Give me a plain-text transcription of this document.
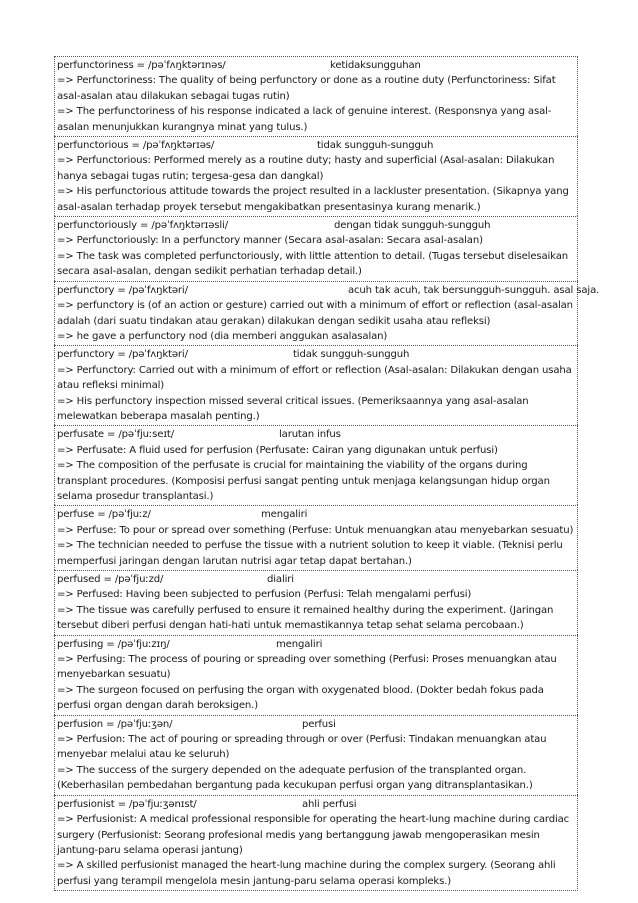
perfunctoriness = /pəˈfʌŋktərɪnəs/	ketidaksungguhan
=> Perfunctoriness: The quality of being perfunctory or done as a routine duty (Perfunctoriness: Sifat asal-asalan atau dilakukan sebagai tugas rutin)
=> The perfunctoriness of his response indicated a lack of genuine interest. (Responsnya yang asal-asalan menunjukkan kurangnya minat yang tulus.)
perfunctorious = /pəˈfʌŋktərɪəs/	tidak sungguh-sungguh
=> Perfunctorious: Performed merely as a routine duty; hasty and superficial (Asal-asalan: Dilakukan hanya sebagai tugas rutin; tergesa-gesa dan dangkal)
=> His perfunctorious attitude towards the project resulted in a lackluster presentation. (Sikapnya yang asal-asalan terhadap proyek tersebut mengakibatkan presentasinya kurang menarik.)
perfunctoriously = /pəˈfʌŋktərɪəsli/	dengan tidak sungguh-sungguh
=> Perfunctoriously: In a perfunctory manner (Secara asal-asalan: Secara asal-asalan)
=> The task was completed perfunctoriously, with little attention to detail. (Tugas tersebut diselesaikan secara asal-asalan, dengan sedikit perhatian terhadap detail.)
perfunctory = /pəˈfʌŋktəri/	acuh tak acuh, tak bersungguh-sungguh. asal saja.
=> perfunctory is (of an action or gesture) carried out with a minimum of effort or reflection (asal-asalan adalah (dari suatu tindakan atau gerakan) dilakukan dengan sedikit usaha atau refleksi)
=> he gave a perfunctory nod (dia memberi anggukan asalasalan)
perfunctory = /pəˈfʌŋktəri/	tidak sungguh-sungguh
=> Perfunctory: Carried out with a minimum of effort or reflection (Asal-asalan: Dilakukan dengan usaha atau refleksi minimal)
=> His perfunctory inspection missed several critical issues. (Pemeriksaannya yang asal-asalan melewatkan beberapa masalah penting.)
perfusate = /pəˈfjuːseɪt/	larutan infus
=> Perfusate: A fluid used for perfusion (Perfusate: Cairan yang digunakan untuk perfusi)
=> The composition of the perfusate is crucial for maintaining the viability of the organs during transplant procedures. (Komposisi perfusi sangat penting untuk menjaga kelangsungan hidup organ selama prosedur transplantasi.)
perfuse = /pəˈfjuːz/	mengaliri
=> Perfuse: To pour or spread over something (Perfuse: Untuk menuangkan atau menyebarkan sesuatu)
=> The technician needed to perfuse the tissue with a nutrient solution to keep it viable. (Teknisi perlu memperfusi jaringan dengan larutan nutrisi agar tetap dapat bertahan.)
perfused = /pəˈfjuːzd/	dialiri
=> Perfused: Having been subjected to perfusion (Perfusi: Telah mengalami perfusi)
=> The tissue was carefully perfused to ensure it remained healthy during the experiment. (Jaringan tersebut diberi perfusi dengan hati-hati untuk memastikannya tetap sehat selama percobaan.)
perfusing = /pəˈfjuːzɪŋ/	mengaliri
=> Perfusing: The process of pouring or spreading over something (Perfusi: Proses menuangkan atau menyebarkan sesuatu)
=> The surgeon focused on perfusing the organ with oxygenated blood. (Dokter bedah fokus pada perfusi organ dengan darah beroksigen.)
perfusion = /pəˈfjuːʒən/	perfusi
=> Perfusion: The act of pouring or spreading through or over (Perfusi: Tindakan menuangkan atau menyebar melalui atau ke seluruh)
=> The success of the surgery depended on the adequate perfusion of the transplanted organ. (Keberhasilan pembedahan bergantung pada kecukupan perfusi organ yang ditransplantasikan.)
perfusionist = /pəˈfjuːʒənɪst/	ahli perfusi
=> Perfusionist: A medical professional responsible for operating the heart-lung machine during cardiac surgery (Perfusionist: Seorang profesional medis yang bertanggung jawab mengoperasikan mesin jantung-paru selama operasi jantung)
=> A skilled perfusionist managed the heart-lung machine during the complex surgery. (Seorang ahli perfusi yang terampil mengelola mesin jantung-paru selama operasi kompleks.)
